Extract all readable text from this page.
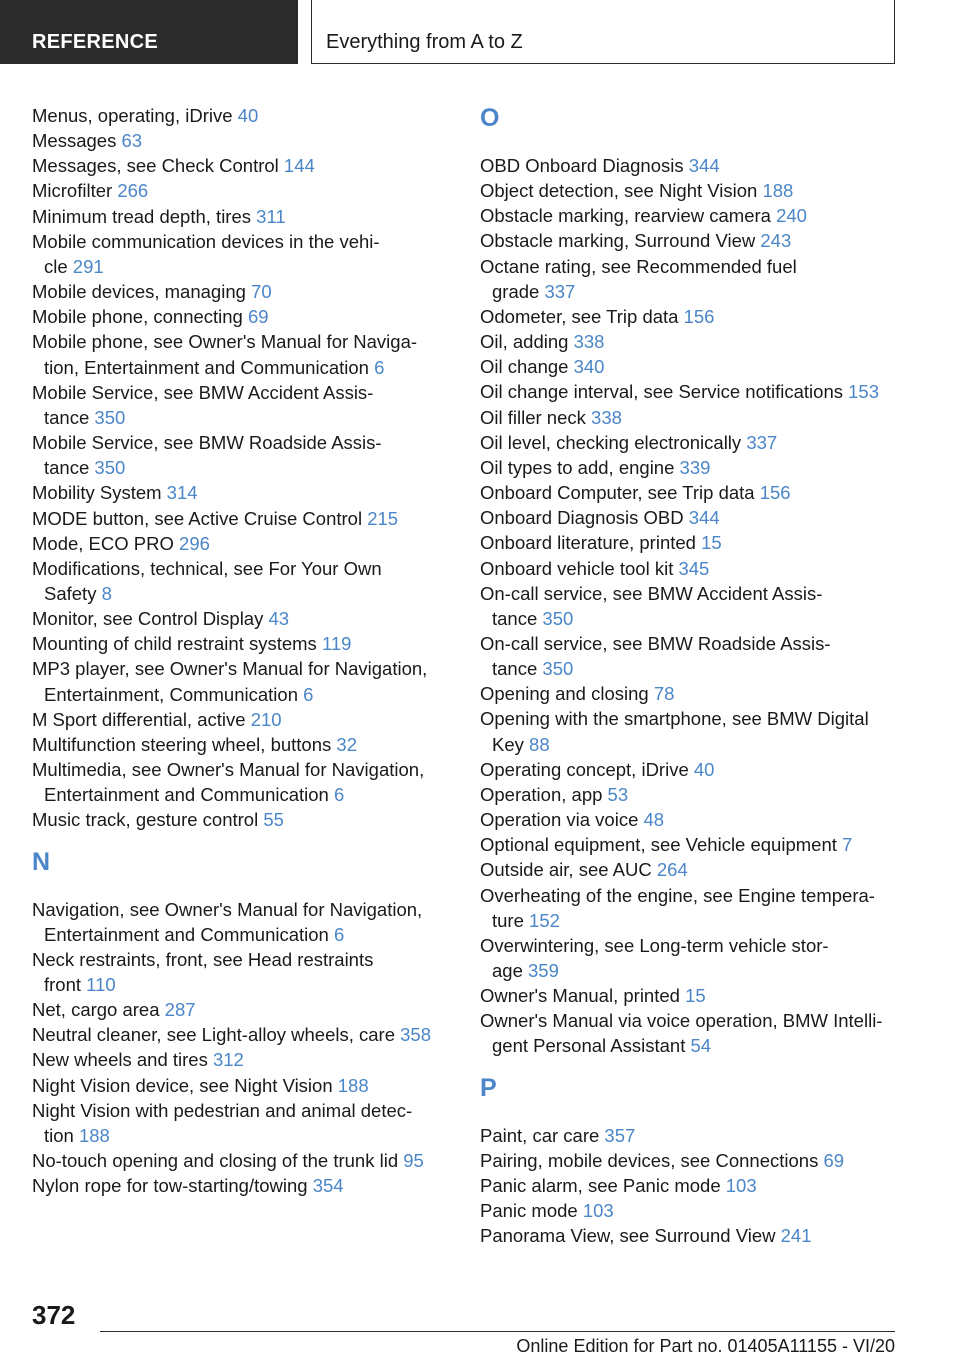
REFERENCE	Everything from A to Z
Menus, operating, iDrive 40
Messages 63
Messages, see Check Control 144
Microfilter 266
Minimum tread depth, tires 311
Mobile communication devices in the vehi-
cle 291
Mobile devices, managing 70
Mobile phone, connecting 69
Mobile phone, see Owner's Manual for Naviga-
tion, Entertainment and Communication 6
Mobile Service, see BMW Accident Assis-
tance 350
Mobile Service, see BMW Roadside Assis-
tance 350
Mobility System 314
MODE button, see Active Cruise Control 215
Mode, ECO PRO 296
Modifications, technical, see For Your Own
Safety 8
Monitor, see Control Display 43
Mounting of child restraint systems 119
MP3 player, see Owner's Manual for Navigation,
Entertainment, Communication 6
M Sport differential, active 210
Multifunction steering wheel, buttons 32
Multimedia, see Owner's Manual for Navigation,
Entertainment and Communication 6
Music track, gesture control 55
N
Navigation, see Owner's Manual for Navigation,
Entertainment and Communication 6
Neck restraints, front, see Head restraints
front 110
Net, cargo area 287
Neutral cleaner, see Light-alloy wheels, care 358
New wheels and tires 312
Night Vision device, see Night Vision 188
Night Vision with pedestrian and animal detec-
tion 188
No-touch opening and closing of the trunk lid 95
Nylon rope for tow-starting/towing 354
O
OBD Onboard Diagnosis 344
Object detection, see Night Vision 188
Obstacle marking, rearview camera 240
Obstacle marking, Surround View 243
Octane rating, see Recommended fuel
grade 337
Odometer, see Trip data 156
Oil, adding 338
Oil change 340
Oil change interval, see Service notifications 153
Oil filler neck 338
Oil level, checking electronically 337
Oil types to add, engine 339
Onboard Computer, see Trip data 156
Onboard Diagnosis OBD 344
Onboard literature, printed 15
Onboard vehicle tool kit 345
On-call service, see BMW Accident Assis-
tance 350
On-call service, see BMW Roadside Assis-
tance 350
Opening and closing 78
Opening with the smartphone, see BMW Digital
Key 88
Operating concept, iDrive 40
Operation, app 53
Operation via voice 48
Optional equipment, see Vehicle equipment 7
Outside air, see AUC 264
Overheating of the engine, see Engine tempera-
ture 152
Overwintering, see Long-term vehicle stor-
age 359
Owner's Manual, printed 15
Owner's Manual via voice operation, BMW Intelli-
gent Personal Assistant 54
P
Paint, car care 357
Pairing, mobile devices, see Connections 69
Panic alarm, see Panic mode 103
Panic mode 103
Panorama View, see Surround View 241
372
Online Edition for Part no. 01405A11155 - VI/20
